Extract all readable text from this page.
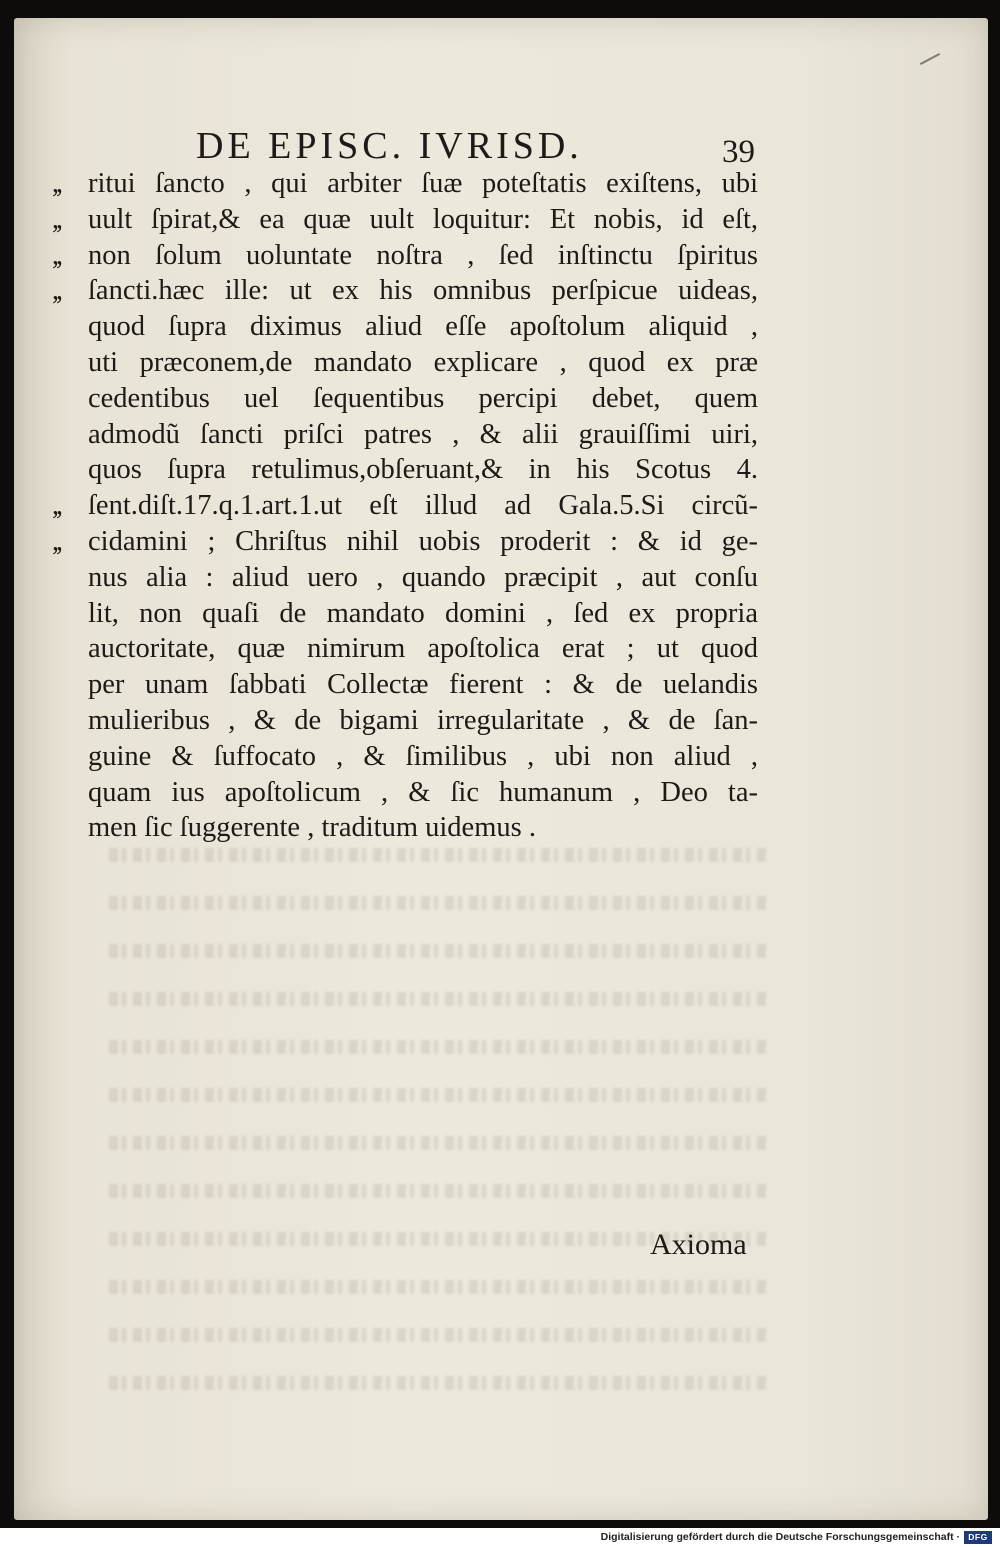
DE EPISC. IVRISD.	39
,, ritui ſancto , qui arbiter ſuæ poteſtatis exiſtens, ubi
,, uult ſpirat,& ea quæ uult loquitur: Et nobis, id eſt,
,, non ſolum uoluntate noſtra , ſed inſtinctu ſpiritus
,, ſancti.hæc ille: ut ex his omnibus perſpicue uideas,
quod ſupra diximus aliud eſſe apoſtolum aliquid ,
uti præconem,de mandato explicare , quod ex præ
cedentibus uel ſequentibus percipi debet, quem
admodũ ſancti priſci patres , & alii grauiſſimi uiri,
quos ſupra retulimus,obſeruant,& in his Scotus 4.
,, ſent.diſt.17.q.1.art.1.ut eſt illud ad Gala.5.Si circũ-
,, cidamini ; Chriſtus nihil uobis proderit : & id ge-
nus alia : aliud uero , quando præcipit , aut conſu
lit, non quaſi de mandato domini , ſed ex propria
auctoritate, quæ nimirum apoſtolica erat ; ut quod
per unam ſabbati Collectæ fierent : & de uelandis
mulieribus , & de bigami irregularitate , & de ſan-
guine & ſuffocato , & ſimilibus , ubi non aliud ,
quam ius apoſtolicum , & ſic humanum , Deo ta-
men ſic ſuggerente , traditum uidemus .
Axioma
Digitalisierung gefördert durch die Deutsche Forschungsgemeinschaft · DFG
